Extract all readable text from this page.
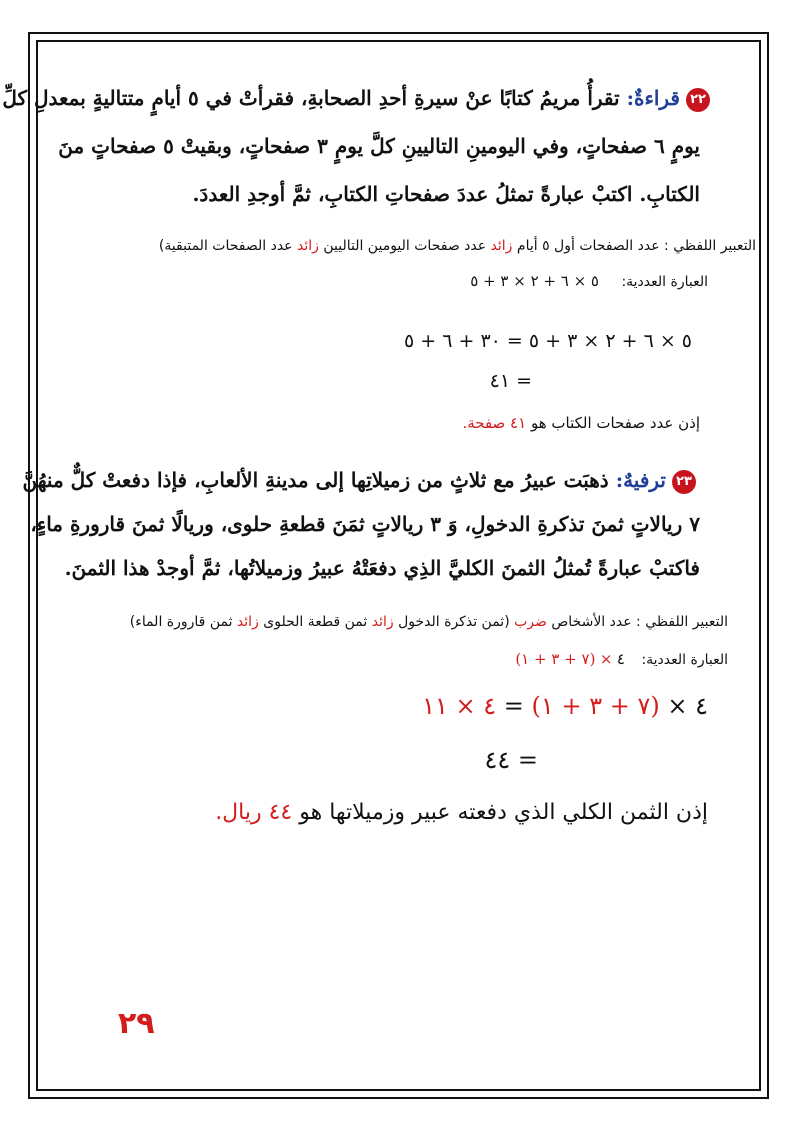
٢٢قراءةٌ: تقرأُ مريمُ كتابًا عنْ سيرةِ أحدِ الصحابةِ، فقرأتْ في ٥ أيامٍ متتاليةٍ بمعدلِ كلِّ
يومٍ ٦ صفحاتٍ، وفي اليومينِ التاليينِ كلَّ يومٍ ٣ صفحاتٍ، وبقيتْ ٥ صفحاتٍ منَ
الكتابِ. اكتبْ عبارةً تمثلُ عددَ صفحاتِ الكتابِ، ثمَّ أوجدِ العددَ.
التعبير اللفظي : عدد الصفحات أول ٥ أيام زائد عدد صفحات اليومين التاليين زائد عدد الصفحات المتبقية)
العبارة العددية: ٥ × ٦ + ٢ × ٣ + ٥
٥ × ٦ + ٢ × ٣ + ٥ = ٣٠ + ٦ + ٥
= ٤١
إذن عدد صفحات الكتاب هو ٤١ صفحة.
٢٣ترفيهٌ: ذهبَت عبيرُ مع ثلاثٍ من زميلاتِها إلى مدينةِ الألعابِ، فإذا دفعتْ كلٌّ منهُنَّ
٧ ريالاتٍ ثمنَ تذكرةِ الدخولِ، وَ ٣ ريالاتٍ ثمَنَ قطعةِ حلوى، وريالًا ثمنَ قارورةِ ماءٍ،
فاكتبْ عبارةً تُمثلُ الثمنَ الكليَّ الذِي دفعَتْهُ عبيرُ وزميلاتُها، ثمَّ أوجدْ هذا الثمنَ.
التعبير اللفظي : عدد الأشخاص ضرب (ثمن تذكرة الدخول زائد ثمن قطعة الحلوى زائد ثمن قارورة الماء)
العبارة العددية: ٤ × (٧ + ٣ + ١)
٤ × (٧ + ٣ + ١) = ٤ × ١١
= ٤٤
إذن الثمن الكلي الذي دفعته عبير وزميلاتها هو ٤٤ ريال.
٢٩
